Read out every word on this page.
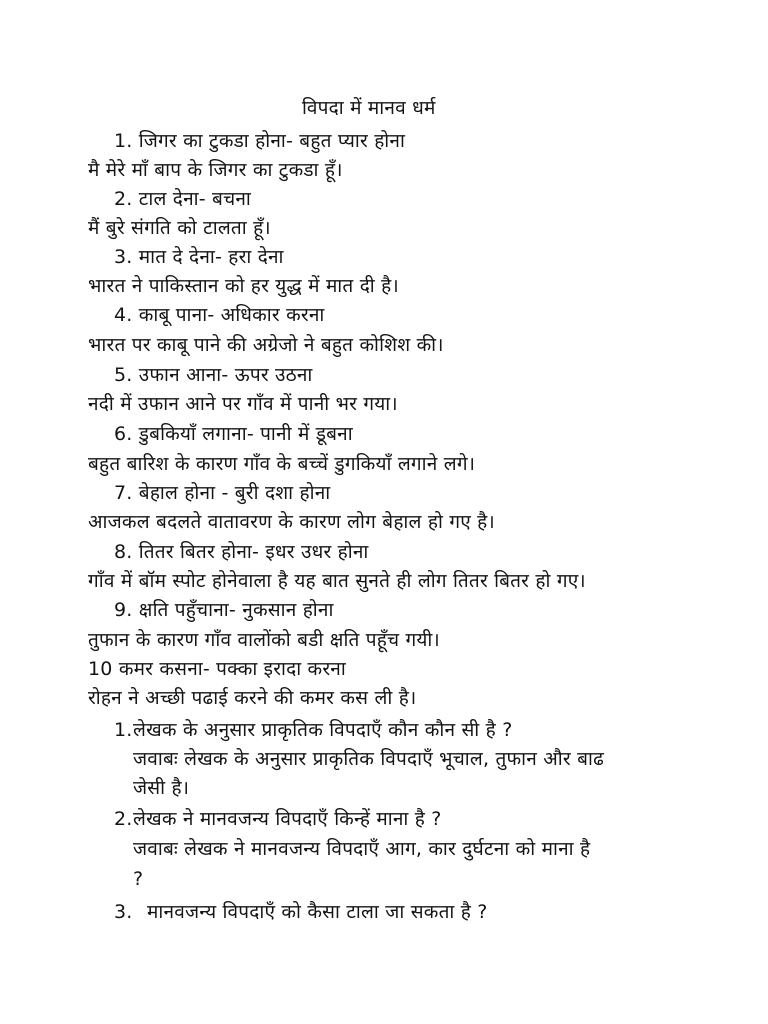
विपदा में मानव धर्म
1. जिगर का टुकडा होना- बहुत प्यार होना
मै मेरे माँ बाप के जिगर का टुकडा हूँ।
2. टाल देना- बचना
मैं बुरे संगति को टालता हूँ।
3. मात दे देना- हरा देना
भारत ने पाकिस्तान को हर युद्ध में मात दी है।
4. काबू पाना- अधिकार करना
भारत पर काबू पाने की अग्रेजो ने बहुत कोशिश की।
5. उफान आना- ऊपर उठना
नदी में उफान आने पर गाँव में पानी भर गया।
6. डुबकियाँ लगाना- पानी में डूबना
बहुत बारिश के कारण गाँव के बच्चें डुगकियाँ लगाने लगे।
7. बेहाल होना - बुरी दशा होना
आजकल बदलते वातावरण के कारण लोग बेहाल हो गए है।
8. तितर बितर होना- इधर उधर होना
गाँव में बॉम स्पोट होनेवाला है यह बात सुनते ही लोग तितर बितर हो गए।
9. क्षति पहुँचाना- नुकसान होना
तुफान के कारण गाँव वालोंको बडी क्षति पहूँच गयी।
10 कमर कसना- पक्का इरादा करना
रोहन ने अच्छी पढाई करने की कमर कस ली है।
1. लेखक के अनुसार प्राकृतिक विपदाएँ कौन कौन सी है ?
जवाबः लेखक के अनुसार प्राकृतिक विपदाएँ भूचाल, तुफान और बाढ
जेसी है।
2. लेखक ने मानवजन्य विपदाएँ किन्हें माना है ?
जवाबः लेखक ने मानवजन्य विपदाएँ आग, कार दुर्घटना को माना है
?
3. मानवजन्य विपदाएँ को कैसा टाला जा सकता है ?
